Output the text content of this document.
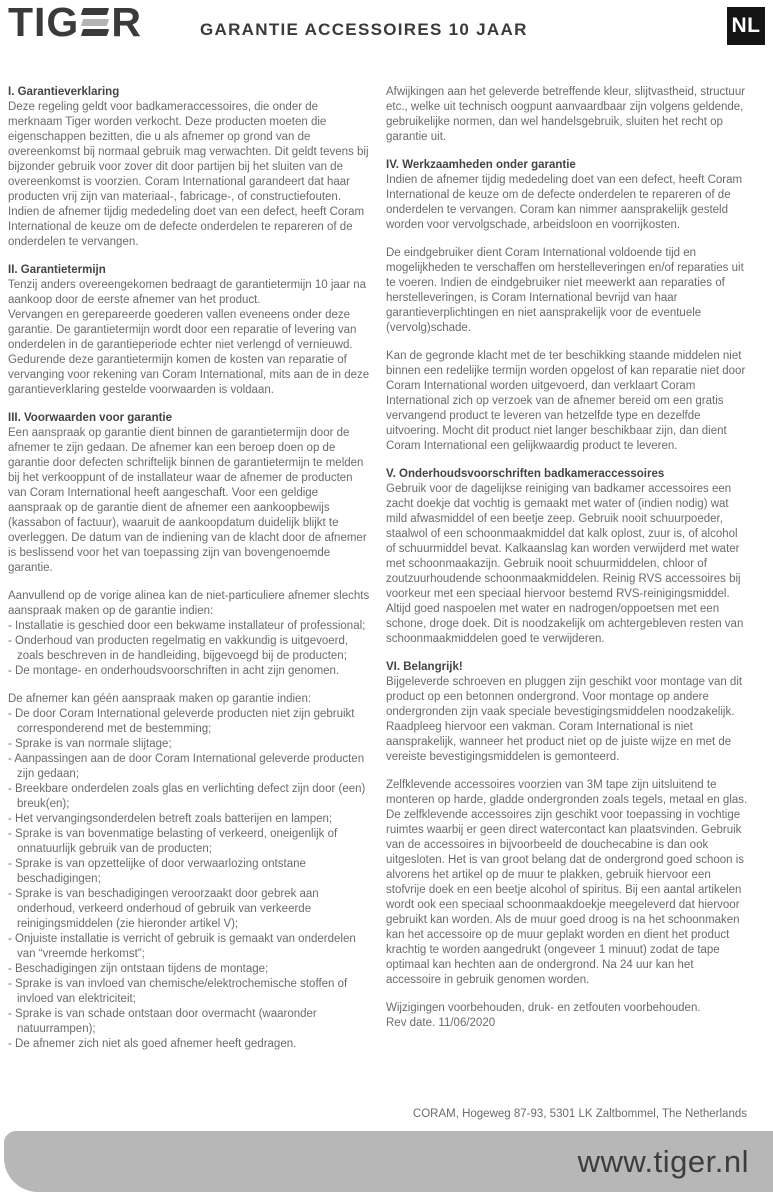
TIG R	GARANTIE ACCESSOIRES 10 JAAR	NL
I. Garantieverklaring
Deze regeling geldt voor badkameraccessoires, die onder de merknaam Tiger worden verkocht. Deze producten moeten die eigenschappen bezitten, die u als afnemer op grond van de overeenkomst bij normaal gebruik mag verwachten. Dit geldt tevens bij bijzonder gebruik voor zover dit door partijen bij het sluiten van de overeenkomst is voorzien. Coram International garandeert dat haar producten vrij zijn van materiaal-, fabricage-, of constructiefouten. Indien de afnemer tijdig mededeling doet van een defect, heeft Coram International de keuze om de defecte onderdelen te repareren of de onderdelen te vervangen.
II. Garantietermijn
Tenzij anders overeengekomen bedraagt de garantietermijn 10 jaar na aankoop door de eerste afnemer van het product.
Vervangen en gerepareerde goederen vallen eveneens onder deze garantie. De garantietermijn wordt door een reparatie of levering van onderdelen in de garantieperiode echter niet verlengd of vernieuwd.
Gedurende deze garantietermijn komen de kosten van reparatie of vervanging voor rekening van Coram International, mits aan de in deze garantieverklaring gestelde voorwaarden is voldaan.
III. Voorwaarden voor garantie
Een aanspraak op garantie dient binnen de garantietermijn door de afnemer te zijn gedaan. De afnemer kan een beroep doen op de garantie door defecten schriftelijk binnen de garantietermijn te melden bij het verkooppunt of de installateur waar de afnemer de producten van Coram International heeft aangeschaft. Voor een geldige aanspraak op de garantie dient de afnemer een aankoopbewijs (kassabon of factuur), waaruit de aankoopdatum duidelijk blijkt te overleggen. De datum van de indiening van de klacht door de afnemer is beslissend voor het van toepassing zijn van bovengenoemde garantie.
Aanvullend op de vorige alinea kan de niet-particuliere afnemer slechts aanspraak maken op de garantie indien:
- Installatie is geschied door een bekwame installateur of professional;
- Onderhoud van producten regelmatig en vakkundig is uitgevoerd, zoals beschreven in de handleiding, bijgevoegd bij de producten;
- De montage- en onderhoudsvoorschriften in acht zijn genomen.
De afnemer kan géén aanspraak maken op garantie indien:
- De door Coram International geleverde producten niet zijn gebruikt corresponderend met de bestemming;
- Sprake is van normale slijtage;
- Aanpassingen aan de door Coram International geleverde producten zijn gedaan;
- Breekbare onderdelen zoals glas en verlichting defect zijn door (een) breuk(en);
- Het vervangingsonderdelen betreft zoals batterijen en lampen;
- Sprake is van bovenmatige belasting of verkeerd, oneigenlijk of onnatuurlijk gebruik van de producten;
- Sprake is van opzettelijke of door verwaarlozing ontstane beschadigingen;
- Sprake is van beschadigingen veroorzaakt door gebrek aan onderhoud, verkeerd onderhoud of gebruik van verkeerde reinigingsmiddelen (zie hieronder artikel V);
- Onjuiste installatie is verricht of gebruik is gemaakt van onderdelen van “vreemde herkomst”;
- Beschadigingen zijn ontstaan tijdens de montage;
- Sprake is van invloed van chemische/elektrochemische stoffen of invloed van elektriciteit;
- Sprake is van schade ontstaan door overmacht (waaronder natuurrampen);
- De afnemer zich niet als goed afnemer heeft gedragen.
Afwijkingen aan het geleverde betreffende kleur, slijtvastheid, structuur etc., welke uit technisch oogpunt aanvaardbaar zijn volgens geldende, gebruikelijke normen, dan wel handelsgebruik, sluiten het recht op garantie uit.
IV. Werkzaamheden onder garantie
Indien de afnemer tijdig mededeling doet van een defect, heeft Coram International de keuze om de defecte onderdelen te repareren of de onderdelen te vervangen. Coram kan nimmer aansprakelijk gesteld worden voor vervolgschade, arbeidsloon en voorrijkosten.
De eindgebruiker dient Coram International voldoende tijd en mogelijkheden te verschaffen om herstelleveringen en/of reparaties uit te voeren. Indien de eindgebruiker niet meewerkt aan reparaties of herstelleveringen, is Coram International bevrijd van haar garantieverplichtingen en niet aansprakelijk voor de eventuele (vervolg)schade.
Kan de gegronde klacht met de ter beschikking staande middelen niet binnen een redelijke termijn worden opgelost of kan reparatie niet door Coram International worden uitgevoerd, dan verklaart Coram International zich op verzoek van de afnemer bereid om een gratis vervangend product te leveren van hetzelfde type en dezelfde uitvoering. Mocht dit product niet langer beschikbaar zijn, dan dient Coram International een gelijkwaardig product te leveren.
V. Onderhoudsvoorschriften badkameraccessoires
Gebruik voor de dagelijkse reiniging van badkamer accessoires een zacht doekje dat vochtig is gemaakt met water of (indien nodig) wat mild afwasmiddel of een beetje zeep. Gebruik nooit schuurpoeder, staalwol of een schoonmaakmiddel dat kalk oplost, zuur is, of alcohol of schuurmiddel bevat. Kalkaanslag kan worden verwijderd met water met schoonmaakazijn. Gebruik nooit schuurmiddelen, chloor of zoutzuurhoudende schoonmaakmiddelen. Reinig RVS accessoires bij voorkeur met een speciaal hiervoor bestemd RVS-reinigingsmiddel. Altijd goed naspoelen met water en nadrogen/oppoetsen met een schone, droge doek. Dit is noodzakelijk om achtergebleven resten van schoonmaakmiddelen goed te verwijderen.
VI. Belangrijk!
Bijgeleverde schroeven en pluggen zijn geschikt voor montage van dit product op een betonnen ondergrond. Voor montage op andere ondergronden zijn vaak speciale bevestigingsmiddelen noodzakelijk. Raadpleeg hiervoor een vakman. Coram International is niet aansprakelijk, wanneer het product niet op de juiste wijze en met de vereiste bevestigingsmiddelen is gemonteerd.
Zelfklevende accessoires voorzien van 3M tape zijn uitsluitend te monteren op harde, gladde ondergronden zoals tegels, metaal en glas. De zelfklevende accessoires zijn geschikt voor toepassing in vochtige ruimtes waarbij er geen direct watercontact kan plaatsvinden. Gebruik van de accessoires in bijvoorbeeld de douchecabine is dan ook uitgesloten. Het is van groot belang dat de ondergrond goed schoon is alvorens het artikel op de muur te plakken, gebruik hiervoor een stofvrije doek en een beetje alcohol of spiritus. Bij een aantal artikelen wordt ook een speciaal schoonmaakdoekje meegeleverd dat hiervoor gebruikt kan worden. Als de muur goed droog is na het schoonmaken kan het accessoire op de muur geplakt worden en dient het product krachtig te worden aangedrukt (ongeveer 1 minuut) zodat de tape optimaal kan hechten aan de ondergrond. Na 24 uur kan het accessoire in gebruik genomen worden.
Wijzigingen voorbehouden, druk- en zetfouten voorbehouden.
Rev date. 11/06/2020
CORAM, Hogeweg 87-93, 5301 LK Zaltbommel, The Netherlands
www.tiger.nl
